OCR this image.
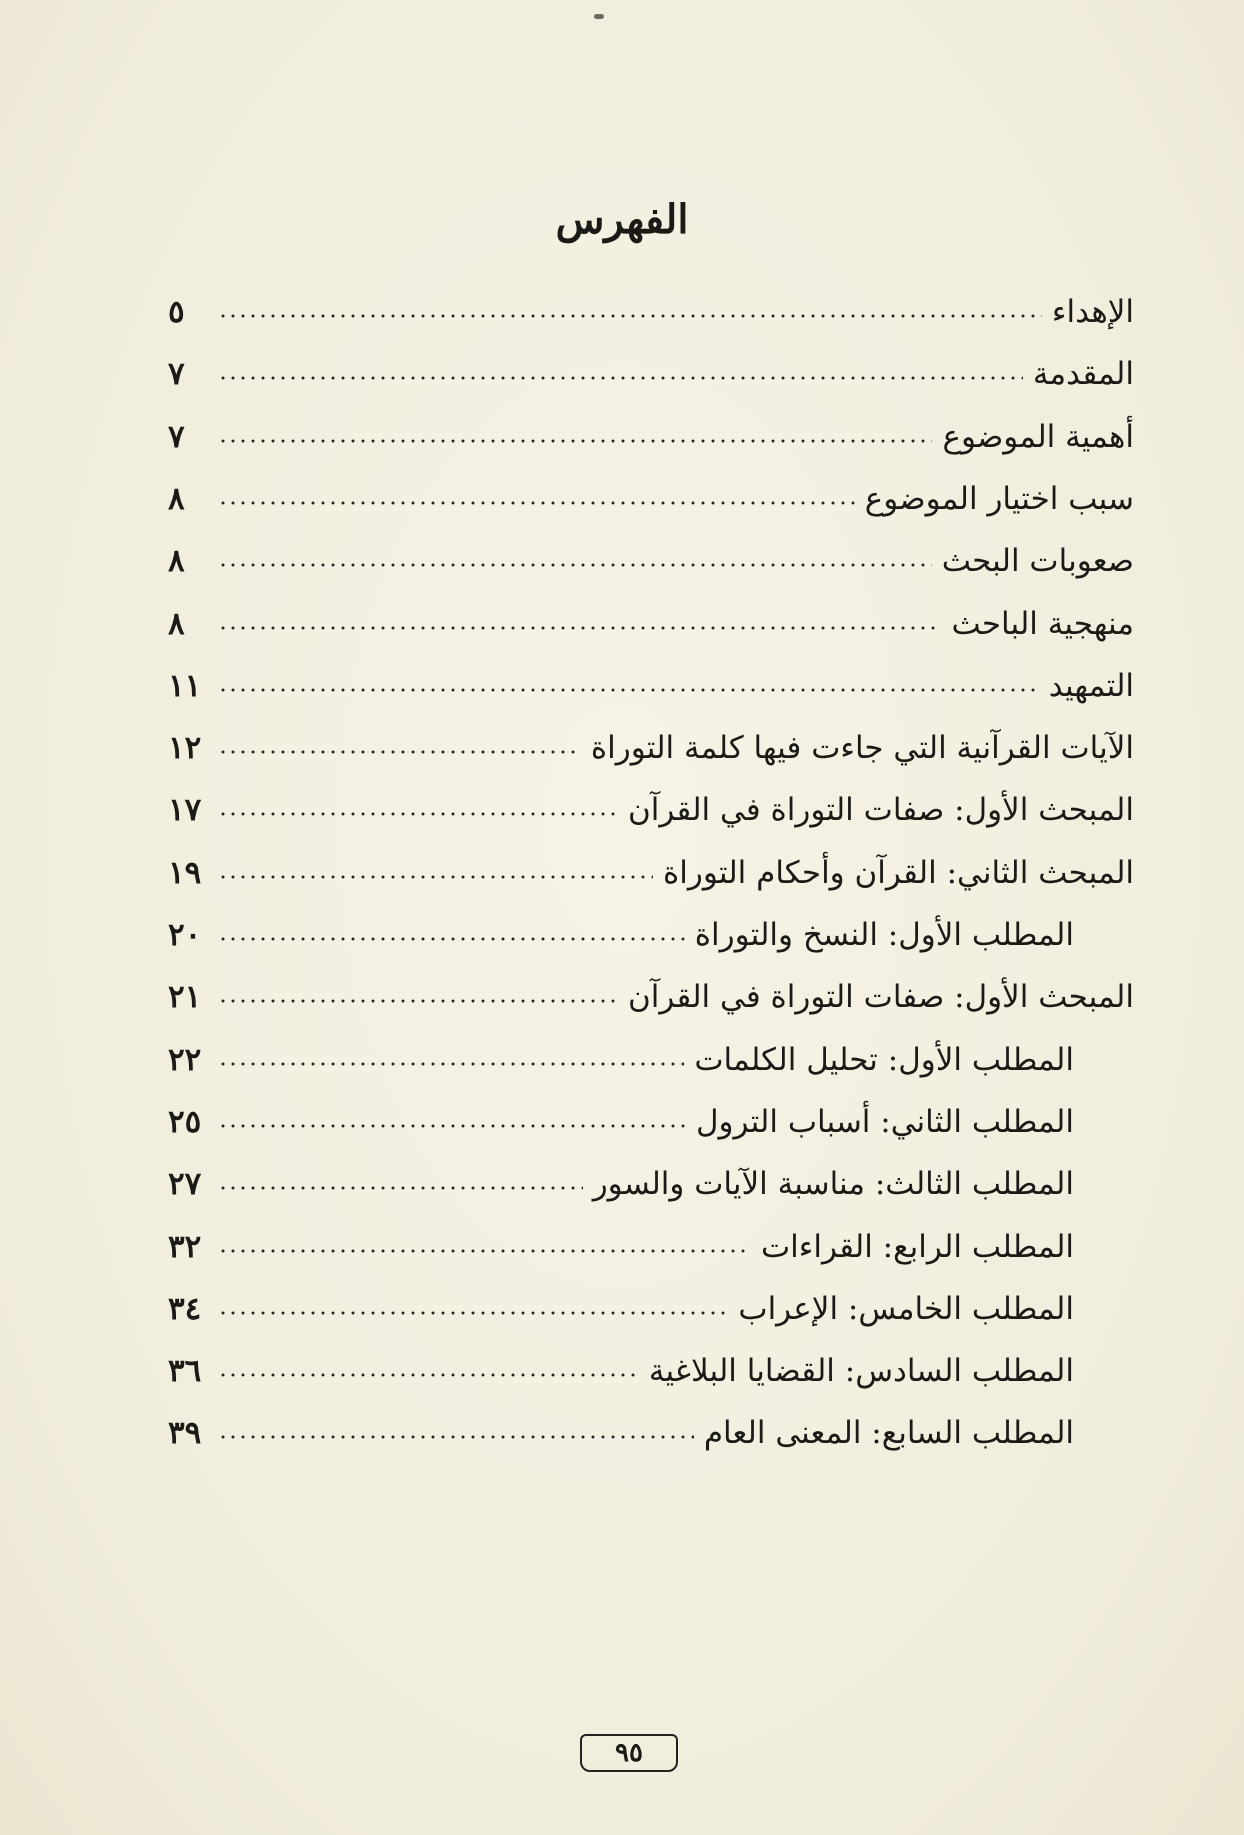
الفهرس
الإهداء
٥
المقدمة
٧
أهمية الموضوع
٧
سبب اختيار الموضوع
٨
صعوبات البحث
٨
منهجية الباحث
٨
التمهيد
١١
الآيات القرآنية التي جاءت فيها كلمة التوراة
١٢
المبحث الأول: صفات التوراة في القرآن
١٧
المبحث الثاني: القرآن وأحكام التوراة
١٩
المطلب الأول: النسخ والتوراة
٢٠
المبحث الأول: صفات التوراة في القرآن
٢١
المطلب الأول: تحليل الكلمات
٢٢
المطلب الثاني: أسباب الترول
٢٥
المطلب الثالث: مناسبة الآيات والسور
٢٧
المطلب الرابع: القراءات
٣٢
المطلب الخامس: الإعراب
٣٤
المطلب السادس: القضايا البلاغية
٣٦
المطلب السابع: المعنى العام
٣٩
٩٥
